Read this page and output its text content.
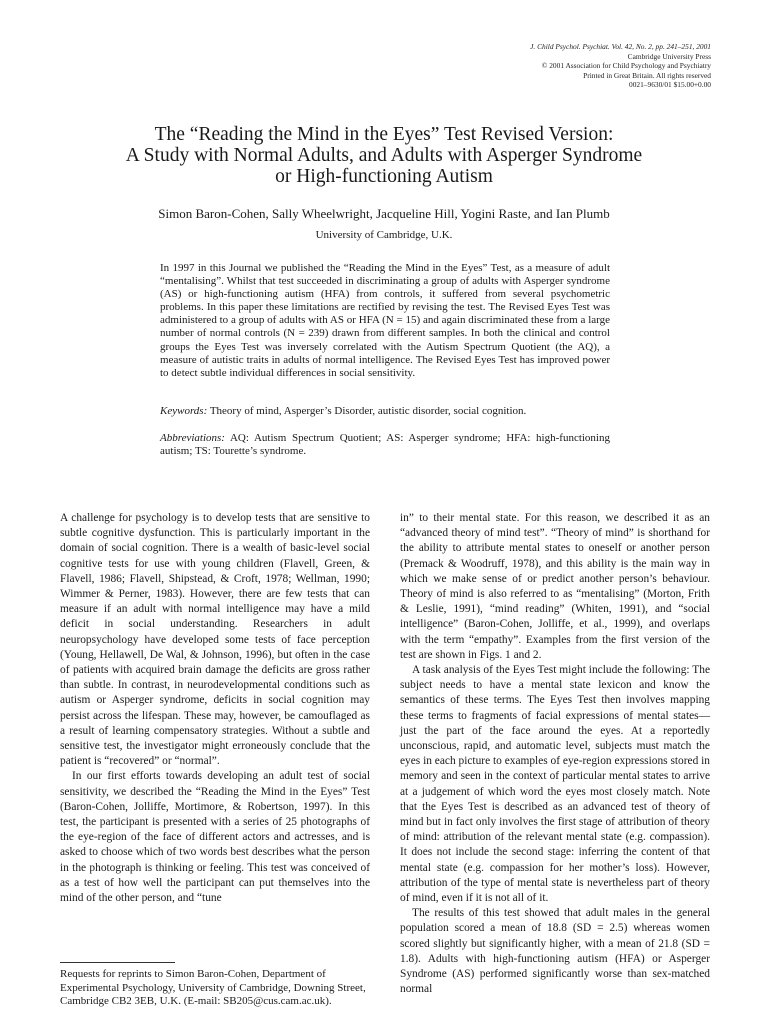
J. Child Psychol. Psychiat. Vol. 42, No. 2, pp. 241–251, 2001
Cambridge University Press
© 2001 Association for Child Psychology and Psychiatry
Printed in Great Britain. All rights reserved
0021–9630/01 $15.00+0.00
The “Reading the Mind in the Eyes” Test Revised Version:
A Study with Normal Adults, and Adults with Asperger Syndrome
or High-functioning Autism
Simon Baron-Cohen, Sally Wheelwright, Jacqueline Hill, Yogini Raste, and Ian Plumb
University of Cambridge, U.K.
In 1997 in this Journal we published the “Reading the Mind in the Eyes” Test, as a measure of adult “mentalising”. Whilst that test succeeded in discriminating a group of adults with Asperger syndrome (AS) or high-functioning autism (HFA) from controls, it suffered from several psychometric problems. In this paper these limitations are rectified by revising the test. The Revised Eyes Test was administered to a group of adults with AS or HFA (N = 15) and again discriminated these from a large number of normal controls (N = 239) drawn from different samples. In both the clinical and control groups the Eyes Test was inversely correlated with the Autism Spectrum Quotient (the AQ), a measure of autistic traits in adults of normal intelligence. The Revised Eyes Test has improved power to detect subtle individual differences in social sensitivity.
Keywords: Theory of mind, Asperger’s Disorder, autistic disorder, social cognition.
Abbreviations: AQ: Autism Spectrum Quotient; AS: Asperger syndrome; HFA: high-functioning autism; TS: Tourette’s syndrome.

A challenge for psychology is to develop tests that are sensitive to subtle cognitive dysfunction. This is particularly important in the domain of social cognition. There is a wealth of basic-level social cognitive tests for use with young children (Flavell, Green, & Flavell, 1986; Flavell, Shipstead, & Croft, 1978; Wellman, 1990; Wimmer & Perner, 1983). However, there are few tests that can measure if an adult with normal intelligence may have a mild deficit in social understanding. Researchers in adult neuropsychology have developed some tests of face perception (Young, Hellawell, De Wal, & Johnson, 1996), but often in the case of patients with acquired brain damage the deficits are gross rather than subtle. In contrast, in neurodevelopmental conditions such as autism or Asperger syndrome, deficits in social cognition may persist across the lifespan. These may, however, be camouflaged as a result of learning compensatory strategies. Without a subtle and sensitive test, the investigator might erroneously conclude that the patient is “recovered” or “normal”.

In our first efforts towards developing an adult test of social sensitivity, we described the “Reading the Mind in the Eyes” Test (Baron-Cohen, Jolliffe, Mortimore, & Robertson, 1997). In this test, the participant is presented with a series of 25 photographs of the eye-region of the face of different actors and actresses, and is asked to choose which of two words best describes what the person in the photograph is thinking or feeling. This test was conceived of as a test of how well the participant can put themselves into the mind of the other person, and “tune

in” to their mental state. For this reason, we described it as an “advanced theory of mind test”. “Theory of mind” is shorthand for the ability to attribute mental states to oneself or another person (Premack & Woodruff, 1978), and this ability is the main way in which we make sense of or predict another person’s behaviour. Theory of mind is also referred to as “mentalising” (Morton, Frith & Leslie, 1991), “mind reading” (Whiten, 1991), and “social intelligence” (Baron-Cohen, Jolliffe, et al., 1999), and overlaps with the term “empathy”. Examples from the first version of the test are shown in Figs. 1 and 2.

A task analysis of the Eyes Test might include the following: The subject needs to have a mental state lexicon and know the semantics of these terms. The Eyes Test then involves mapping these terms to fragments of facial expressions of mental states—just the part of the face around the eyes. At a reportedly unconscious, rapid, and automatic level, subjects must match the eyes in each picture to examples of eye-region expressions stored in memory and seen in the context of particular mental states to arrive at a judgement of which word the eyes most closely match. Note that the Eyes Test is described as an advanced test of theory of mind but in fact only involves the first stage of attribution of theory of mind: attribution of the relevant mental state (e.g. compassion). It does not include the second stage: inferring the content of that mental state (e.g. compassion for her mother’s loss). However, attribution of the type of mental state is nevertheless part of theory of mind, even if it is not all of it.

The results of this test showed that adult males in the general population scored a mean of 18.8 (SD = 2.5) whereas women scored slightly but significantly higher, with a mean of 21.8 (SD = 1.8). Adults with high-functioning autism (HFA) or Asperger Syndrome (AS) performed significantly worse than sex-matched normal

Requests for reprints to Simon Baron-Cohen, Department of Experimental Psychology, University of Cambridge, Downing Street, Cambridge CB2 3EB, U.K. (E-mail: SB205@cus.cam.ac.uk).
